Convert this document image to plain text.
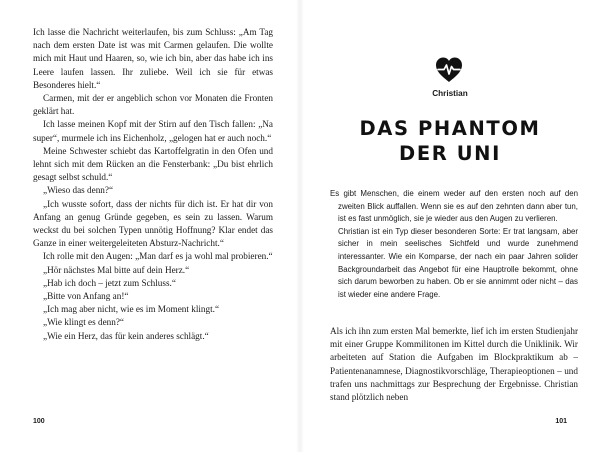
Ich lasse die Nachricht weiterlaufen, bis zum Schluss: „Am Tag nach dem ersten Date ist was mit Carmen gelaufen. Die wollte mich mit Haut und Haaren, so, wie ich bin, aber das habe ich ins Leere laufen lassen. Ihr zuliebe. Weil ich sie für etwas Besonderes hielt.“

Carmen, mit der er angeblich schon vor Monaten die Fronten geklärt hat.

Ich lasse meinen Kopf mit der Stirn auf den Tisch fallen: „Na super“, murmele ich ins Eichenholz, „gelogen hat er auch noch.“

Meine Schwester schiebt das Kartoffelgratin in den Ofen und lehnt sich mit dem Rücken an die Fensterbank: „Du bist ehrlich gesagt selbst schuld.“

„Wieso das denn?“

„Ich wusste sofort, dass der nichts für dich ist. Er hat dir von Anfang an genug Gründe gegeben, es sein zu lassen. Warum weckst du bei solchen Typen unnötig Hoffnung? Klar endet das Ganze in einer weitergeleiteten Absturz-Nachricht.“

Ich rolle mit den Augen: „Man darf es ja wohl mal probieren.“

„Hör nächstes Mal bitte auf dein Herz.“

„Hab ich doch – jetzt zum Schluss.“

„Bitte von Anfang an!“

„Ich mag aber nicht, wie es im Moment klingt.“

„Wie klingt es denn?“

„Wie ein Herz, das für kein anderes schlägt.“

100
Christian
DAS PHANTOM
DER UNI

Es gibt Menschen, die einem weder auf den ersten noch auf den zweiten Blick auffallen. Wenn sie es auf den zehnten dann aber tun, ist es fast unmöglich, sie je wieder aus den Augen zu verlieren.

Christian ist ein Typ dieser besonderen Sorte: Er trat langsam, aber sicher in mein seelisches Sichtfeld und wurde zunehmend interessanter. Wie ein Komparse, der nach ein paar Jahren solider Backgroundarbeit das Angebot für eine Hauptrolle bekommt, ohne sich darum beworben zu haben. Ob er sie annimmt oder nicht – das ist wieder eine andere Frage.

Als ich ihn zum ersten Mal bemerkte, lief ich im ersten Studienjahr mit einer Gruppe Kommilitonen im Kittel durch die Uniklinik. Wir arbeiteten auf Station die Aufgaben im Blockpraktikum ab – Patientenanamnese, Diagnostikvorschläge, Therapieoptionen – und trafen uns nachmittags zur Besprechung der Ergebnisse. Christian stand plötzlich neben

101
